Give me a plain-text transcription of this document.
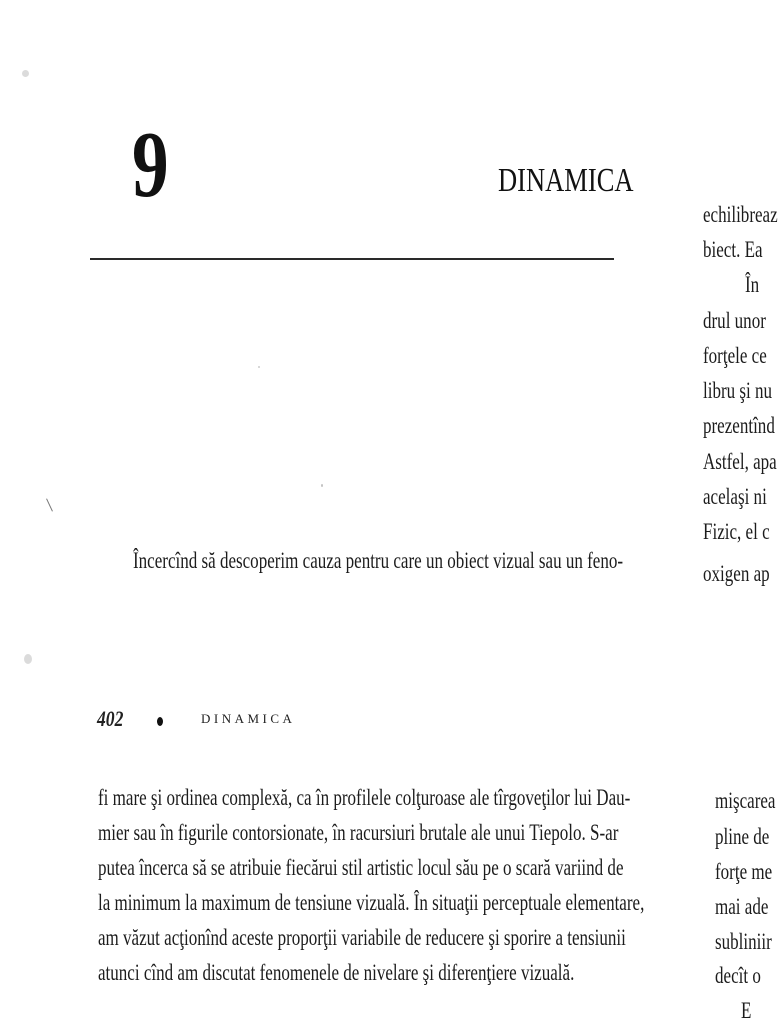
9	DINAMICA
Încercînd să descoperim cauza pentru care un obiect vizual sau un feno-
402	DINAMICA
fi mare şi ordinea complexă, ca în profilele colţuroase ale tîrgoveţilor lui Dau-
mier sau în figurile contorsionate, în racursiuri brutale ale unui Tiepolo. S-ar
putea încerca să se atribuie fiecărui stil artistic locul său pe o scară variind de
la minimum la maximum de tensiune vizuală. În situaţii perceptuale elementare,
am văzut acţionînd aceste proporţii variabile de reducere şi sporire a tensiunii
atunci cînd am discutat fenomenele de nivelare şi diferenţiere vizuală.
echilibreaz
biect. Ea
În
drul unor
forţele ce
libru şi nu
prezentînd
Astfel, apa
acelaşi ni
Fizic, el c
oxigen ap
mişcarea
pline de
forţe me
mai ade
subliniir
decît o
E
